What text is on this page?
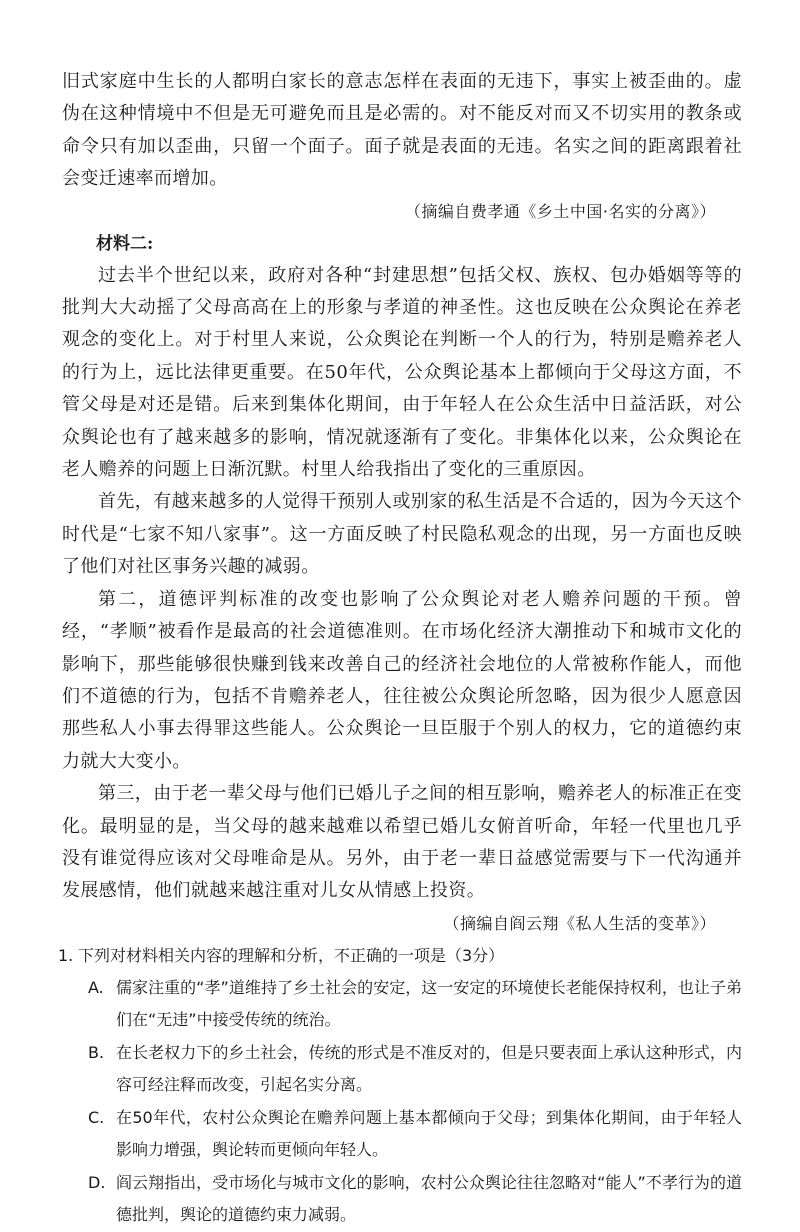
旧式家庭中生长的人都明白家长的意志怎样在表面的无违下，事实上被歪曲的。虚伪在这种情境中不但是无可避免而且是必需的。对不能反对而又不切实用的教条或命令只有加以歪曲，只留一个面子。面子就是表面的无违。名实之间的距离跟着社会变迁速率而增加。

（摘编自费孝通《乡土中国·名实的分离》）

材料二:

过去半个世纪以来，政府对各种“封建思想”包括父权、族权、包办婚姻等等的批判大大动摇了父母高高在上的形象与孝道的神圣性。这也反映在公众舆论在养老观念的变化上。对于村里人来说，公众舆论在判断一个人的行为，特别是赡养老人的行为上，远比法律更重要。在50年代，公众舆论基本上都倾向于父母这方面，不管父母是对还是错。后来到集体化期间，由于年轻人在公众生活中日益活跃，对公众舆论也有了越来越多的影响，情况就逐渐有了变化。非集体化以来，公众舆论在老人赡养的问题上日渐沉默。村里人给我指出了变化的三重原因。

首先，有越来越多的人觉得干预别人或别家的私生活是不合适的，因为今天这个时代是“七家不知八家事”。这一方面反映了村民隐私观念的出现，另一方面也反映了他们对社区事务兴趣的减弱。

第二，道德评判标准的改变也影响了公众舆论对老人赡养问题的干预。曾经，“孝顺”被看作是最高的社会道德准则。在市场化经济大潮推动下和城市文化的影响下，那些能够很快赚到钱来改善自己的经济社会地位的人常被称作能人，而他们不道德的行为，包括不肯赡养老人，往往被公众舆论所忽略，因为很少人愿意因那些私人小事去得罪这些能人。公众舆论一旦臣服于个别人的权力，它的道德约束力就大大变小。

第三，由于老一辈父母与他们已婚儿子之间的相互影响，赡养老人的标准正在变化。最明显的是，当父母的越来越难以希望已婚儿女俯首听命，年轻一代里也几乎没有谁觉得应该对父母唯命是从。另外，由于老一辈日益感觉需要与下一代沟通并发展感情，他们就越来越注重对儿女从情感上投资。

（摘编自阎云翔《私人生活的变革》）

1. 下列对材料相关内容的理解和分析，不正确的一项是（3分）

A. 儒家注重的“孝”道维持了乡土社会的安定，这一安定的环境使长老能保持权利，也让子弟们在“无违”中接受传统的统治。
B. 在长老权力下的乡土社会，传统的形式是不准反对的，但是只要表面上承认这种形式，内容可经注释而改变，引起名实分离。
C. 在50年代，农村公众舆论在赡养问题上基本都倾向于父母；到集体化期间，由于年轻人影响力增强，舆论转而更倾向年轻人。
D. 阎云翔指出，受市场化与城市文化的影响，农村公众舆论往往忽略对“能人”不孝行为的道德批判，舆论的道德约束力减弱。
